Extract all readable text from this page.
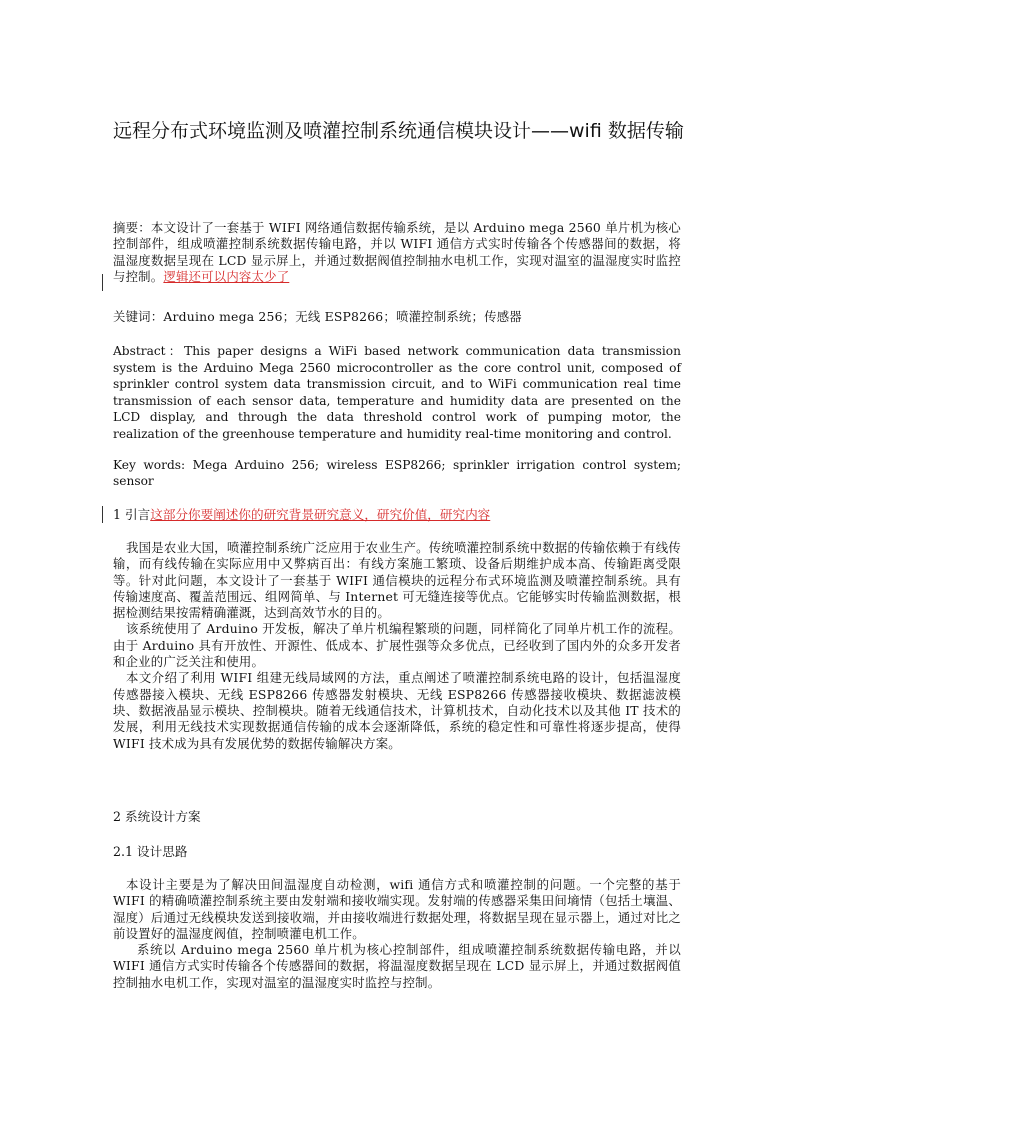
远程分布式环境监测及喷灌控制系统通信模块设计——wifi 数据传输

摘要：本文设计了一套基于 WIFI 网络通信数据传输系统，是以 Arduino mega 2560 单片机为核心控制部件，组成喷灌控制系统数据传输电路，并以 WIFI 通信方式实时传输各个传感器间的数据，将温湿度数据呈现在 LCD 显示屏上，并通过数据阀值控制抽水电机工作，实现对温室的温湿度实时监控与控制。逻辑还可以内容太少了

关键词：Arduino mega 256；无线 ESP8266；喷灌控制系统；传感器

Abstract：This paper designs a WiFi based network communication data transmission system is the Arduino Mega 2560 microcontroller as the core control unit, composed of sprinkler control system data transmission circuit, and to WiFi communication real time transmission of each sensor data, temperature and humidity data are presented on the LCD display, and through the data threshold control work of pumping motor, the realization of the greenhouse temperature and humidity real-time monitoring and control.

Key words: Mega Arduino 256; wireless ESP8266; sprinkler irrigation control system; sensor

1 引言这部分你要阐述你的研究背景研究意义，研究价值，研究内容

我国是农业大国，喷灌控制系统广泛应用于农业生产。传统喷灌控制系统中数据的传输依赖于有线传输，而有线传输在实际应用中又弊病百出：有线方案施工繁琐、设备后期维护成本高、传输距离受限等。针对此问题，本文设计了一套基于 WIFI 通信模块的远程分布式环境监测及喷灌控制系统。具有传输速度高、覆盖范围远、组网简单、与 Internet 可无缝连接等优点。它能够实时传输监测数据，根据检测结果按需精确灌溉，达到高效节水的目的。

该系统使用了 Arduino 开发板，解决了单片机编程繁琐的问题，同样简化了同单片机工作的流程。由于 Arduino 具有开放性、开源性、低成本、扩展性强等众多优点，已经收到了国内外的众多开发者和企业的广泛关注和使用。

本文介绍了利用 WIFI 组建无线局域网的方法，重点阐述了喷灌控制系统电路的设计，包括温湿度传感器接入模块、无线 ESP8266 传感器发射模块、无线 ESP8266 传感器接收模块、数据滤波模块、数据液晶显示模块、控制模块。随着无线通信技术，计算机技术，自动化技术以及其他 IT 技术的发展，利用无线技术实现数据通信传输的成本会逐渐降低，系统的稳定性和可靠性将逐步提高，使得 WIFI 技术成为具有发展优势的数据传输解决方案。

2 系统设计方案

2.1 设计思路

本设计主要是为了解决田间温湿度自动检测，wifi 通信方式和喷灌控制的问题。一个完整的基于 WIFI 的精确喷灌控制系统主要由发射端和接收端实现。发射端的传感器采集田间墒情（包括土壤温、湿度）后通过无线模块发送到接收端，并由接收端进行数据处理，将数据呈现在显示器上，通过对比之前设置好的温湿度阀值，控制喷灌电机工作。

系统以 Arduino mega 2560 单片机为核心控制部件，组成喷灌控制系统数据传输电路，并以 WIFI 通信方式实时传输各个传感器间的数据，将温湿度数据呈现在 LCD 显示屏上，并通过数据阀值控制抽水电机工作，实现对温室的温湿度实时监控与控制。
